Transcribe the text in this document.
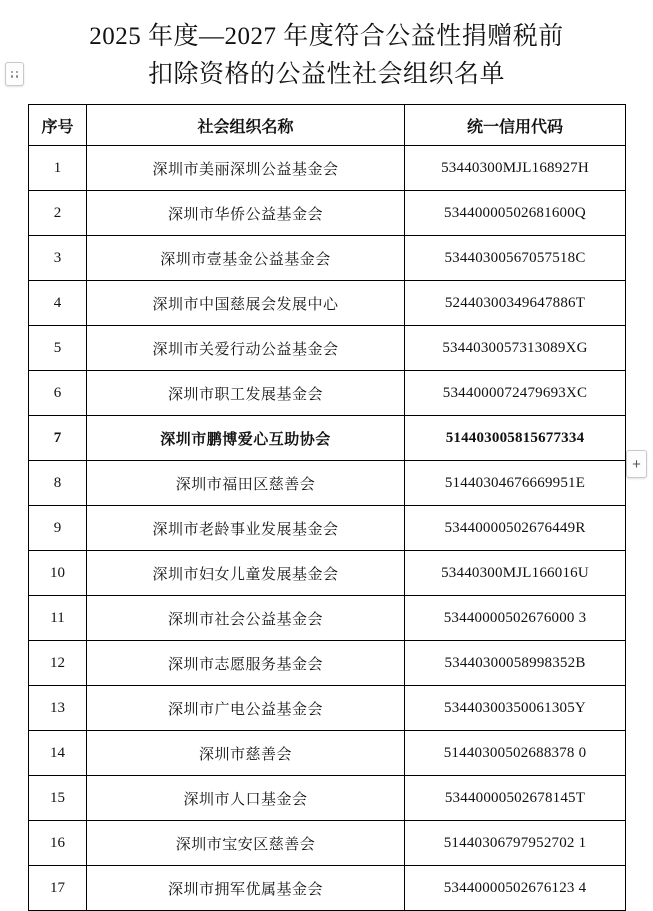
2025 年度—2027 年度符合公益性捐赠税前
扣除资格的公益性社会组织名单
序号	社会组织名称	统一信用代码
1	深圳市美丽深圳公益基金会	53440300MJL168927H
2	深圳市华侨公益基金会	53440000502681600Q
3	深圳市壹基金公益基金会	53440300567057518C
4	深圳市中国慈展会发展中心	52440300349647886T
5	深圳市关爱行动公益基金会	5344030057313089XG
6	深圳市职工发展基金会	5344000072479693XC
7	深圳市鹏博爱心互助协会	514403005815677334
8	深圳市福田区慈善会	51440304676669951E
9	深圳市老龄事业发展基金会	53440000502676449R
10	深圳市妇女儿童发展基金会	53440300MJL166016U
11	深圳市社会公益基金会	53440000502676000 3
12	深圳市志愿服务基金会	53440300058998352B
13	深圳市广电公益基金会	53440300350061305Y
14	深圳市慈善会	51440300502688378 0
15	深圳市人口基金会	53440000502678145T
16	深圳市宝安区慈善会	51440306797952702 1
17	深圳市拥军优属基金会	53440000502676123 4
+
